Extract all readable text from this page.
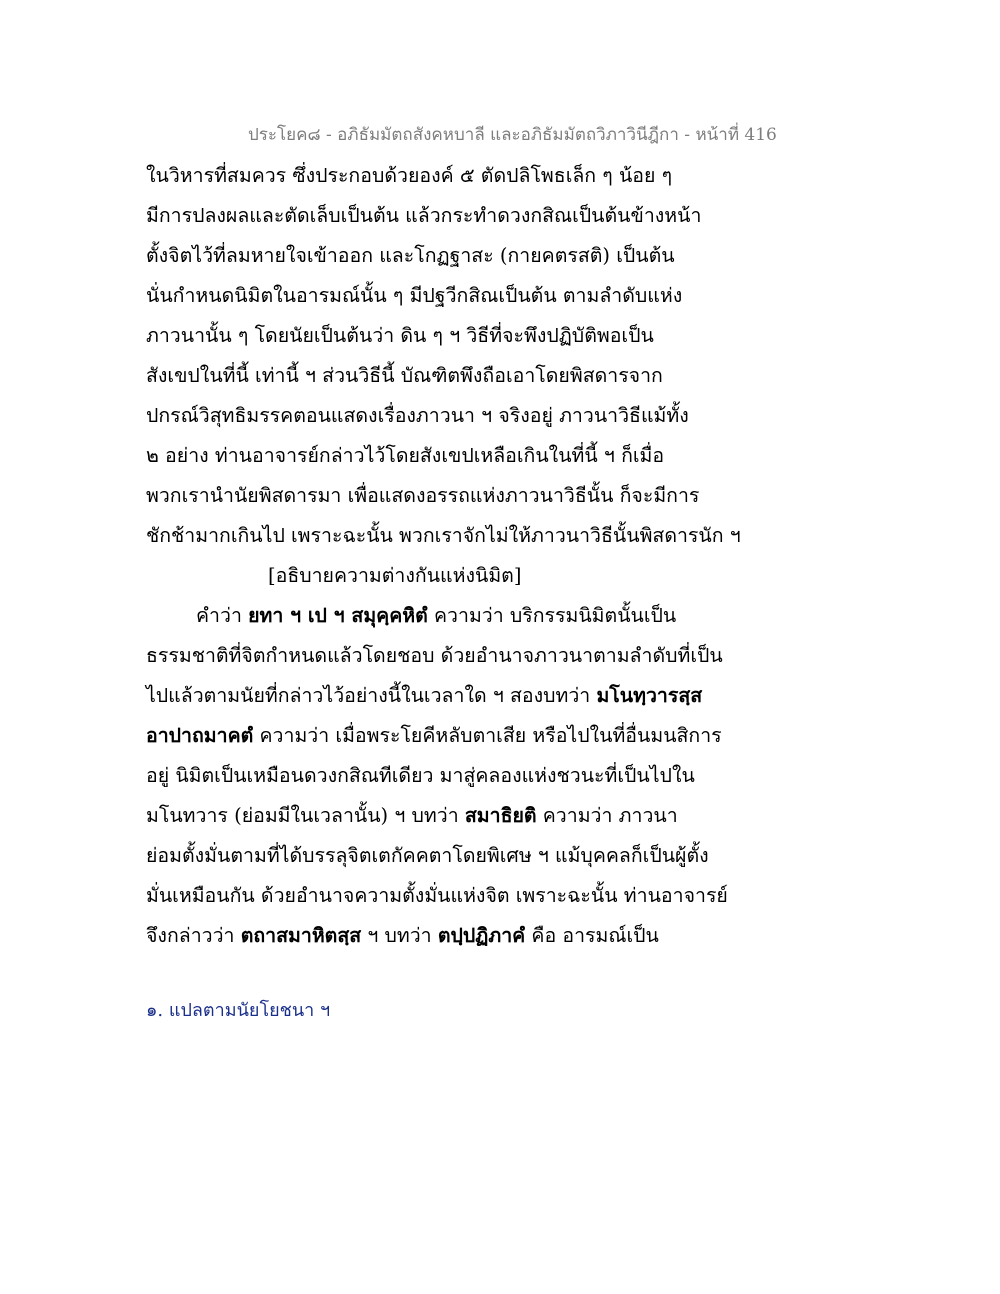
ประโยค๘ - อภิธัมมัตถสังคหบาลี และอภิธัมมัตถวิภาวินีฎีกา - หน้าที่ 416
ในวิหารที่สมควร ซึ่งประกอบด้วยองค์ ๕ ตัดปลิโพธเล็ก ๆ น้อย ๆ
มีการปลงผลและตัดเล็บเป็นต้น แล้วกระทำดวงกสิณเป็นต้นข้างหน้า
ตั้งจิตไว้ที่ลมหายใจเข้าออก และโกฏฐาสะ (กายคตรสติ) เป็นต้น
นั่นกำหนดนิมิตในอารมณ์นั้น ๆ มีปฐวีกสิณเป็นต้น ตามลำดับแห่ง
ภาวนานั้น ๆ โดยนัยเป็นต้นว่า ดิน ๆ ฯ วิธีที่จะพึงปฏิบัติพอเป็น
สังเขปในที่นี้ เท่านี้ ฯ ส่วนวิธีนี้ บัณฑิตพึงถือเอาโดยพิสดารจาก
ปกรณ์วิสุทธิมรรคตอนแสดงเรื่องภาวนา ฯ จริงอยู่ ภาวนาวิธีแม้ทั้ง
๒ อย่าง ท่านอาจารย์กล่าวไว้โดยสังเขปเหลือเกินในที่นี้ ฯ ก็เมื่อ
พวกเรานำนัยพิสดารมา เพื่อแสดงอรรถแห่งภาวนาวิธีนั้น ก็จะมีการ
ชักช้ามากเกินไป เพราะฉะนั้น พวกเราจักไม่ให้ภาวนาวิธีนั้นพิสดารนัก ฯ
[อธิบายความต่างกันแห่งนิมิต]
คำว่า ยทา ฯ เป ฯ สมุคฺคหิตํ ความว่า บริกรรมนิมิตนั้นเป็น
ธรรมชาติที่จิตกำหนดแล้วโดยชอบ ด้วยอำนาจภาวนาตามลำดับที่เป็น
ไปแล้วตามนัยที่กล่าวไว้อย่างนี้ในเวลาใด ฯ สองบทว่า มโนทฺวารสฺส
อาปาถมาคตํ ความว่า เมื่อพระโยคีหลับตาเสีย หรือไปในที่อื่นมนสิการ
อยู่ นิมิตเป็นเหมือนดวงกสิณทีเดียว มาสู่คลองแห่งชวนะที่เป็นไปใน
มโนทวาร (ย่อมมีในเวลานั้น) ฯ บทว่า สมาธิยติ ความว่า ภาวนา
ย่อมตั้งมั่นตามที่ได้บรรลุจิตเตกัคคตาโดยพิเศษ ฯ แม้บุคคลก็เป็นผู้ตั้ง
มั่นเหมือนกัน ด้วยอำนาจความตั้งมั่นแห่งจิต เพราะฉะนั้น ท่านอาจารย์
จึงกล่าวว่า ตถาสมาหิตสฺส ฯ บทว่า ตปฺปฏิภาคํ คือ อารมณ์เป็น
๑. แปลตามนัยโยชนา ฯ
